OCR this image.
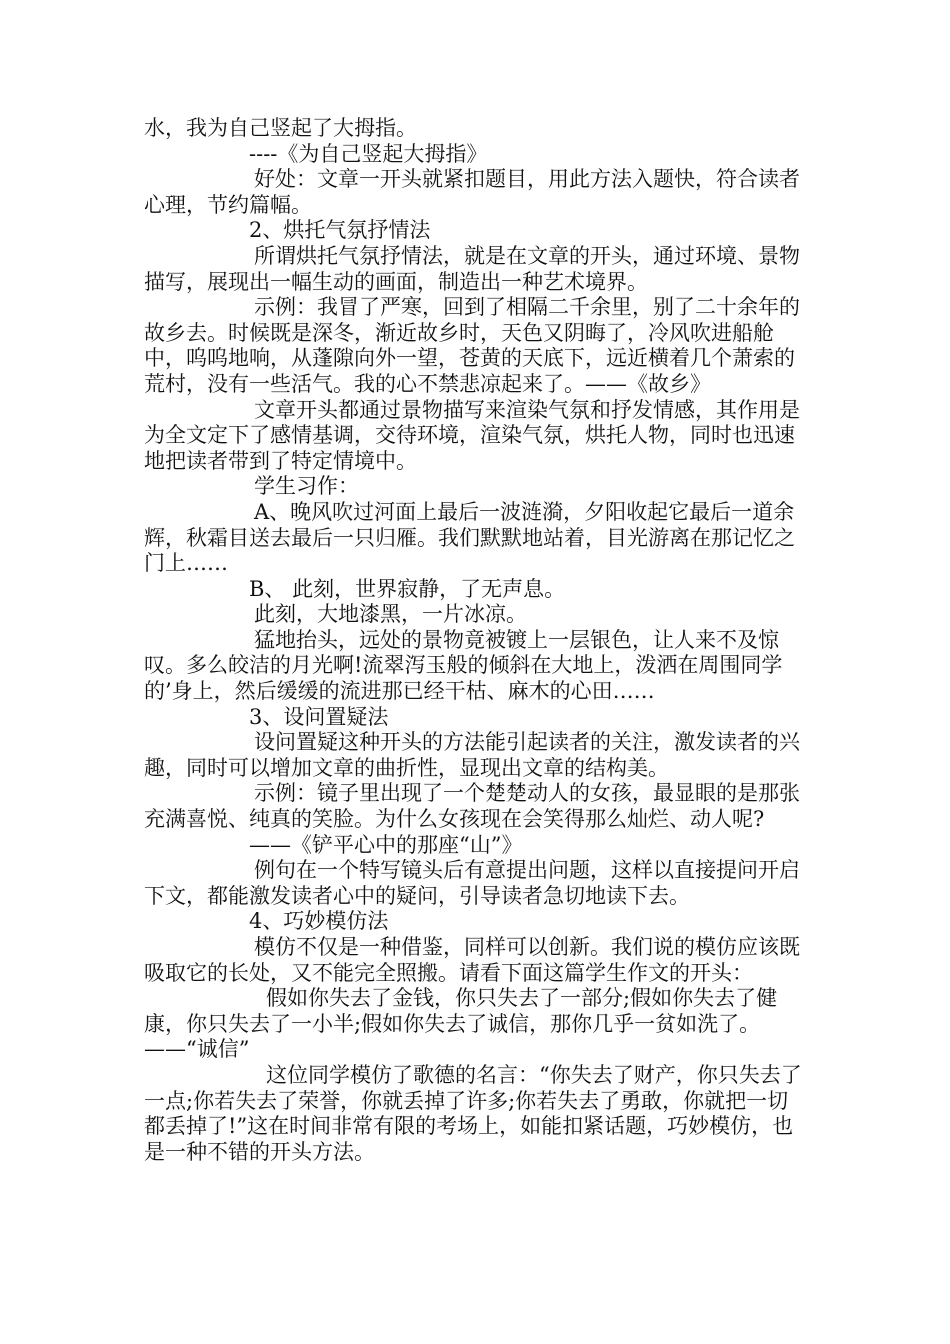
水，我为自己竖起了大拇指。

----《为自己竖起大拇指》

好处：文章一开头就紧扣题目，用此方法入题快，符合读者心理，节约篇幅。

2、烘托气氛抒情法

所谓烘托气氛抒情法，就是在文章的开头，通过环境、景物描写，展现出一幅生动的画面，制造出一种艺术境界。

示例：我冒了严寒，回到了相隔二千余里，别了二十余年的故乡去。时候既是深冬，渐近故乡时，天色又阴晦了，冷风吹进船舱中，呜呜地响，从蓬隙向外一望，苍黄的天底下，远近横着几个萧索的荒村，没有一些活气。我的心不禁悲凉起来了。——《故乡》

文章开头都通过景物描写来渲染气氛和抒发情感，其作用是为全文定下了感情基调，交待环境，渲染气氛，烘托人物，同时也迅速地把读者带到了特定情境中。

学生习作：

A、晚风吹过河面上最后一波涟漪，夕阳收起它最后一道余辉，秋霜目送去最后一只归雁。我们默默地站着，目光游离在那记忆之门上……

B、 此刻，世界寂静，了无声息。

此刻，大地漆黑，一片冰凉。

猛地抬头，远处的景物竟被镀上一层银色，让人来不及惊叹。多么皎洁的月光啊!流翠泻玉般的倾斜在大地上，泼洒在周围同学的’身上，然后缓缓的流进那已经干枯、麻木的心田……

3、设问置疑法

设问置疑这种开头的方法能引起读者的关注，激发读者的兴趣，同时可以增加文章的曲折性，显现出文章的结构美。

示例：镜子里出现了一个楚楚动人的女孩，最显眼的是那张充满喜悦、纯真的笑脸。为什么女孩现在会笑得那么灿烂、动人呢?

——《铲平心中的那座“山”》

例句在一个特写镜头后有意提出问题，这样以直接提问开启下文，都能激发读者心中的疑问，引导读者急切地读下去。

4、巧妙模仿法

模仿不仅是一种借鉴，同样可以创新。我们说的模仿应该既吸取它的长处，又不能完全照搬。请看下面这篇学生作文的开头：

假如你失去了金钱，你只失去了一部分;假如你失去了健康，你只失去了一小半;假如你失去了诚信，那你几乎一贫如洗了。——“诚信”

这位同学模仿了歌德的名言：“你失去了财产，你只失去了一点;你若失去了荣誉，你就丢掉了许多;你若失去了勇敢，你就把一切都丢掉了!”这在时间非常有限的考场上，如能扣紧话题，巧妙模仿，也是一种不错的开头方法。
